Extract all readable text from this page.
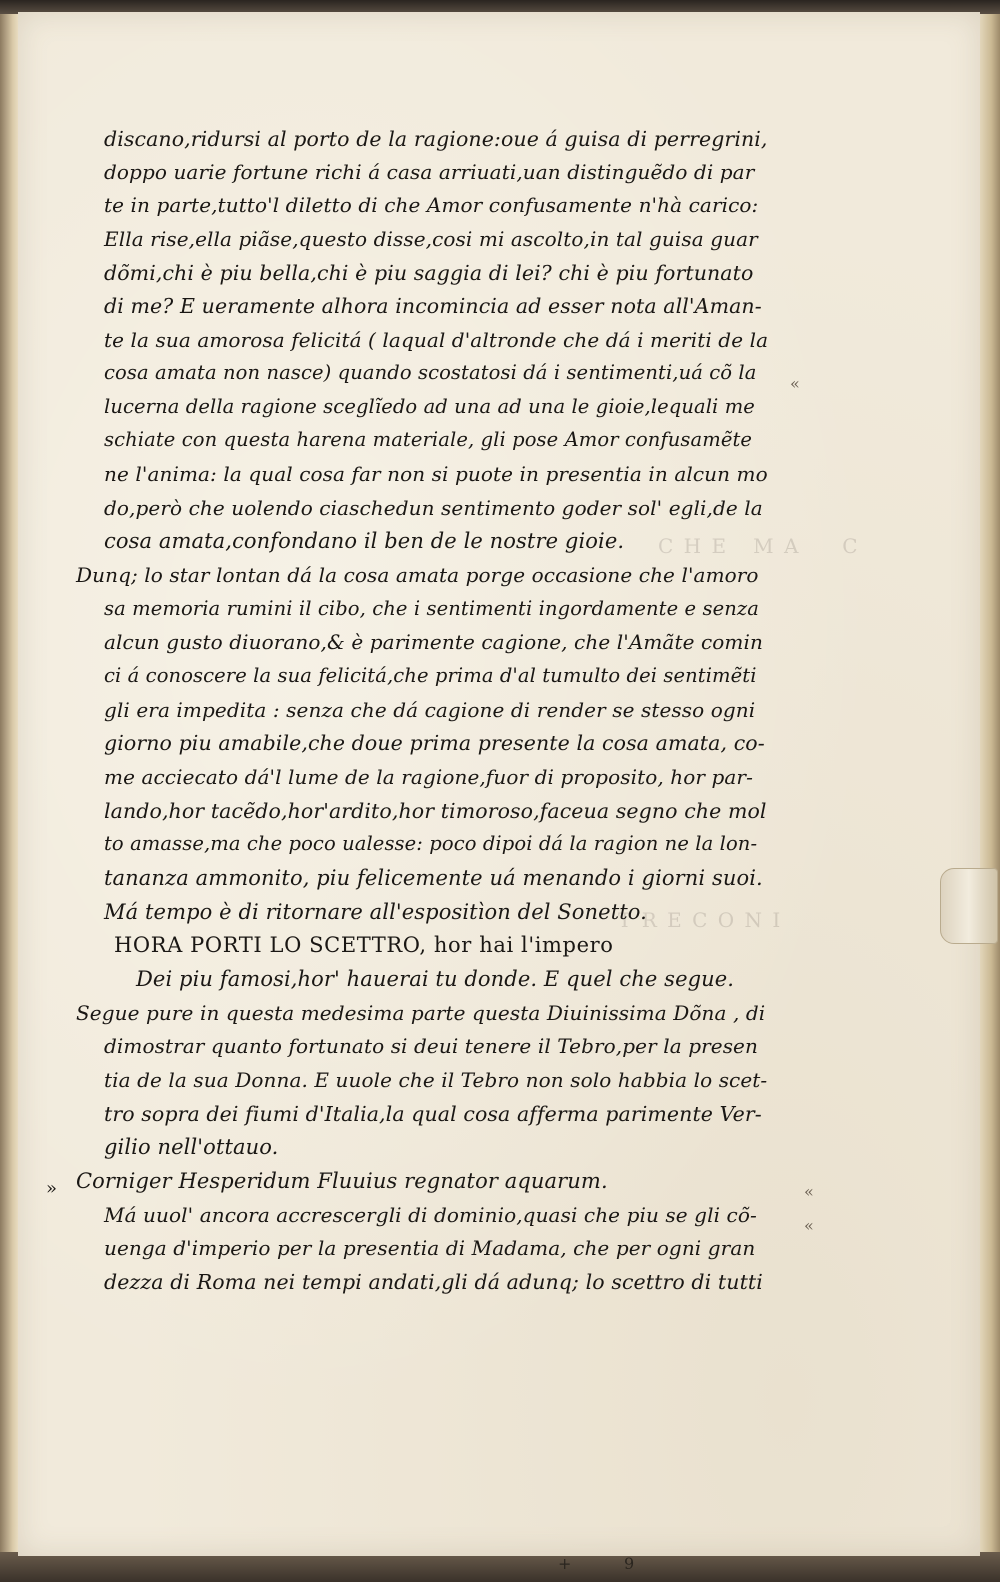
C H E   M A     C
T R E C O N I

discano,ridursi al porto de la ragione:oue á guisa di perregrini,
doppo uarie fortune richi á casa arriuati,uan distinguẽdo di par
te in parte,tutto'l diletto di che Amor confusamente n'hà carico:
Ella rise,ella piãse,questo disse,cosi mi ascolto,in tal guisa guar
dõmi,chi è piu bella,chi è piu saggia di lei? chi è piu fortunato
di me? E ueramente alhora incomincia ad esser nota all'Aman-
te la sua amorosa felicitá ( laqual d'altronde che dá i meriti de la
cosa amata non nasce) quando scostatosi dá i sentimenti,uá cõ la
lucerna della ragione sceglĩedo ad una ad una le gioie,lequali me
schiate con questa harena materiale, gli pose Amor confusamẽte
ne l'anima: la qual cosa far non si puote in presentia in alcun mo
do,però che uolendo ciaschedun sentimento goder sol' egli,de la
cosa amata,confondano il ben de le nostre gioie.
Dunq; lo star lontan dá la cosa amata porge occasione che l'amoro
sa memoria rumini il cibo, che i sentimenti ingordamente e senza
alcun gusto diuorano,& è parimente cagione, che l'Amãte comin
ci á conoscere la sua felicitá,che prima d'al tumulto dei sentimẽti
gli era impedita : senza che dá cagione di render se stesso ogni
giorno piu amabile,che doue prima presente la cosa amata, co-
me acciecato dá'l lume de la ragione,fuor di proposito, hor par-
lando,hor tacẽdo,hor'ardito,hor timoroso,faceua segno che mol
to amasse,ma che poco ualesse: poco dipoi dá la ragion ne la lon-
tananza ammonito, piu felicemente uá menando i giorni suoi.
Má tempo è di ritornare all'espositìon del Sonetto.
HORA PORTI LO SCETTRO, hor hai l'impero
Dei piu famosi,hor' hauerai tu donde. E quel che segue.
Segue pure in questa medesima parte questa Diuinissima Dõna , di
dimostrar quanto fortunato si deui tenere il Tebro,per la presen
tia de la sua Donna. E uuole che il Tebro non solo habbia lo scet-
tro sopra dei fiumi d'Italia,la qual cosa afferma parimente Ver-
gilio nell'ottauo.
Corniger Hesperidum Fluuius regnator aquarum.
Má uuol' ancora accrescergli di dominio,quasi che piu se gli cõ-
uenga d'imperio per la presentia di Madama, che per ogni gran
dezza di Roma nei tempi andati,gli dá adunq; lo scettro di tutti
«
»	«
«
+	9
